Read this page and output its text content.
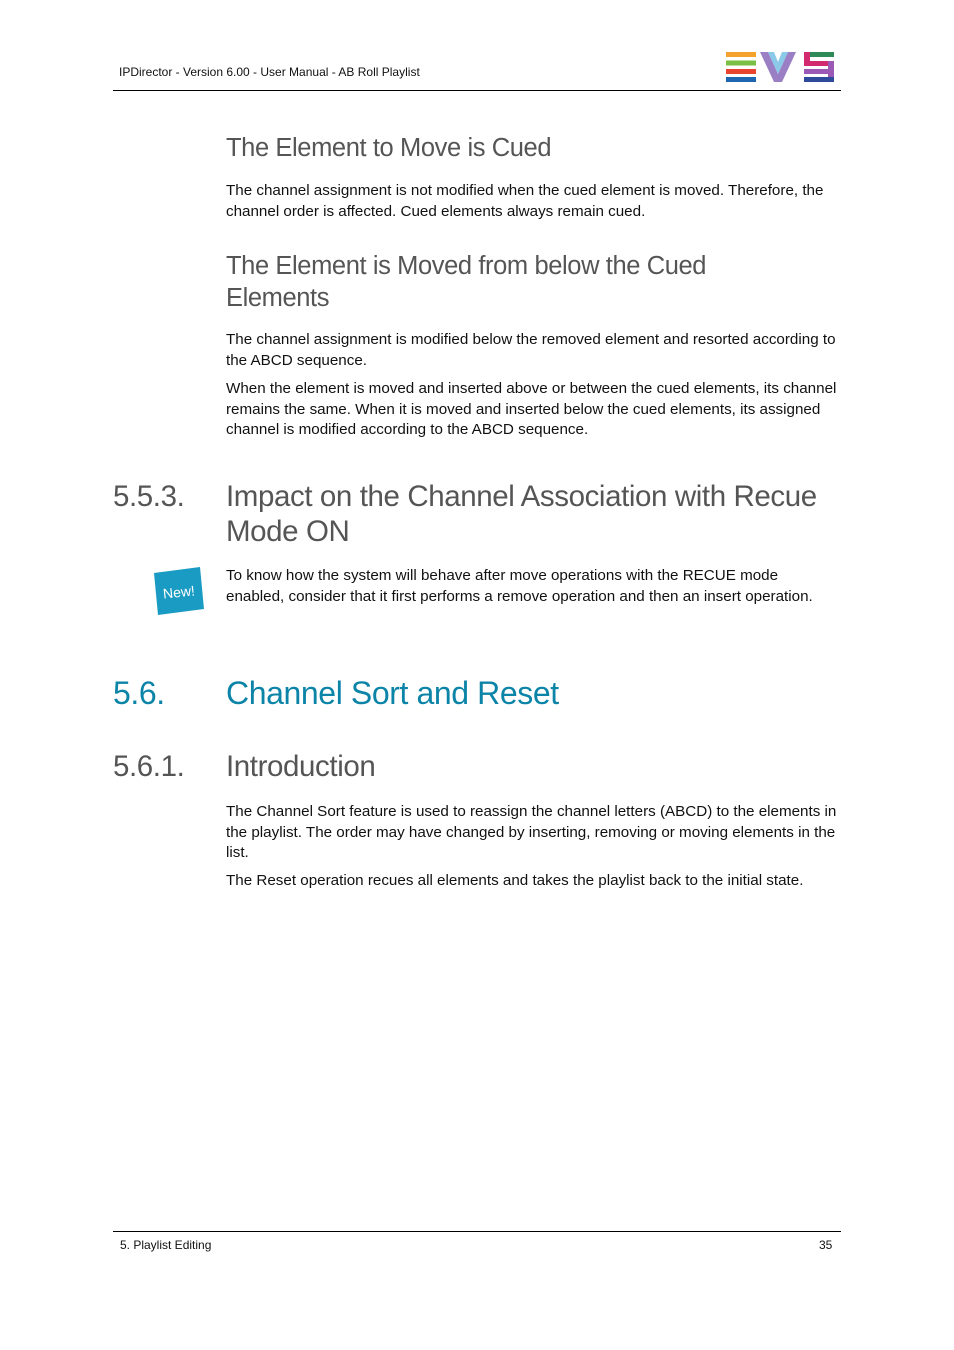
IPDirector - Version 6.00 - User Manual - AB Roll Playlist
The Element to Move is Cued

The channel assignment is not modified when the cued element is moved. Therefore, the channel order is affected. Cued elements always remain cued.

The Element is Moved from below the Cued
Elements

The channel assignment is modified below the removed element and resorted according to the ABCD sequence.

When the element is moved and inserted above or between the cued elements, its channel remains the same. When it is moved and inserted below the cued elements, its assigned channel is modified according to the ABCD sequence.

5.5.3. Impact on the Channel Association with Recue
Mode ON
New!

To know how the system will behave after move operations with the RECUE mode enabled, consider that it first performs a remove operation and then an insert operation.

5.6. Channel Sort and Reset
5.6.1. Introduction

The Channel Sort feature is used to reassign the channel letters (ABCD) to the elements in the playlist. The order may have changed by inserting, removing or moving elements in the list.

The Reset operation recues all elements and takes the playlist back to the initial state.

5. Playlist Editing	35
